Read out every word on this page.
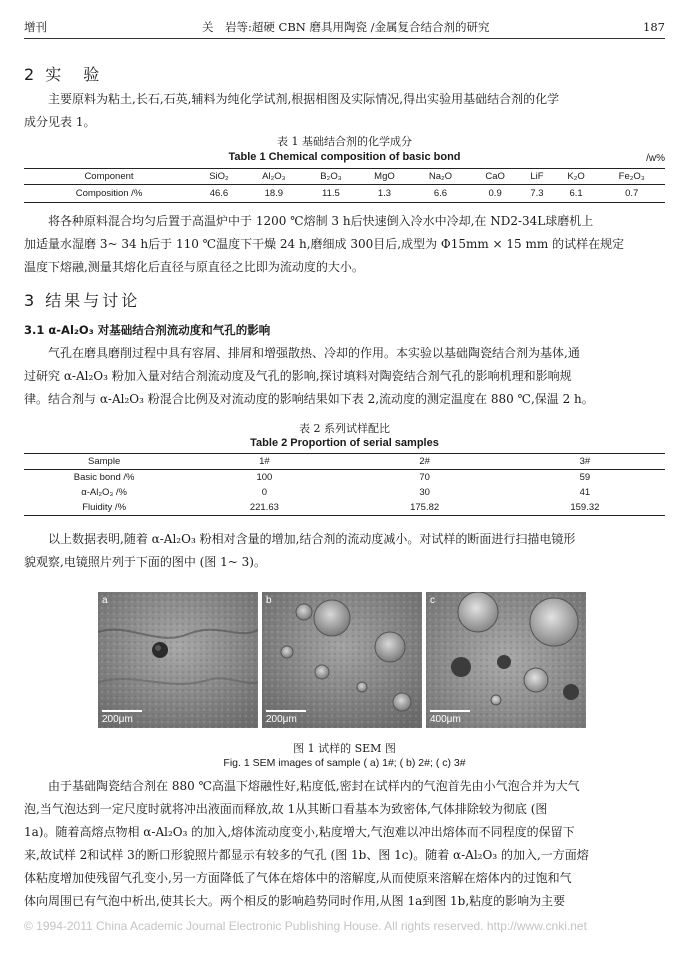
增刊	关　岩等:超硬 CBN 磨具用陶瓷 /金属复合结合剂的研究	187
2 实　验
主要原料为粘土,长石,石英,辅料为纯化学试剂,根据相图及实际情况,得出实验用基础结合剂的化学
成分见表 1。
表 1 基础结合剂的化学成分
Table 1 Chemical composition of basic bond	/w%
Component	SiO₂	Al₂O₃	B₂O₃	MgO	Na₂O	CaO	LiF	K₂O	Fe₂O₃
Composition /%	46.6	18.9	11.5	1.3	6.6	0.9	7.3	6.1	0.7
将各种原料混合均匀后置于高温炉中于 1200 ℃熔制 3 h后快速倒入冷水中冷却,在 ND2-34L球磨机上
加适量水湿磨 3~ 34 h后于 110 ℃温度下干燥 24 h,磨细成 300目后,成型为 Φ15mm × 15 mm 的试样在规定
温度下熔融,测量其熔化后直径与原直径之比即为流动度的大小。
3 结果与讨论
3.1 α-Al₂O₃ 对基础结合剂流动度和气孔的影响
气孔在磨具磨削过程中具有容屑、排屑和增强散热、冷却的作用。本实验以基础陶瓷结合剂为基体,通
过研究 α-Al₂O₃ 粉加入量对结合剂流动度及气孔的影响,探讨填料对陶瓷结合剂气孔的影响机理和影响规
律。结合剂与 α-Al₂O₃ 粉混合比例及对流动度的影响结果如下表 2,流动度的测定温度在 880 ℃,保温 2 h。
表 2 系列试样配比
Table 2 Proportion of serial samples
Sample	1#	2#	3#
Basic bond /%	100	70	59
α-Al₂O₃ /%	0	30	41
Fluidity /%	221.63	175.82	159.32
以上数据表明,随着 α-Al₂O₃ 粉相对含量的增加,结合剂的流动度减小。对试样的断面进行扫描电镜形
貌观察,电镜照片列于下面的图中 (图 1~ 3)。
a
200μm
b
200μm
c
400μm
图 1 试样的 SEM 图
Fig. 1 SEM images of sample ( a) 1#; ( b) 2#; ( c) 3#
由于基础陶瓷结合剂在 880 ℃高温下熔融性好,粘度低,密封在试样内的气泡首先由小气泡合并为大气
泡,当气泡达到一定尺度时就将冲出液面而释放,故 1从其断口看基本为致密体,气体排除较为彻底 (图
1a)。随着高熔点物相 α-Al₂O₃ 的加入,熔体流动度变小,粘度增大,气泡难以冲出熔体而不同程度的保留下
来,故试样 2和试样 3的断口形貌照片都显示有较多的气孔 (图 1b、图 1c)。随着 α-Al₂O₃ 的加入,一方面熔
体粘度增加使残留气孔变小,另一方面降低了气体在熔体中的溶解度,从而使原来溶解在熔体内的过饱和气
体向周围已有气泡中析出,使其长大。两个相反的影响趋势同时作用,从图 1a到图 1b,粘度的影响为主要
© 1994-2011 China Academic Journal Electronic Publishing House. All rights reserved. http://www.cnki.net
